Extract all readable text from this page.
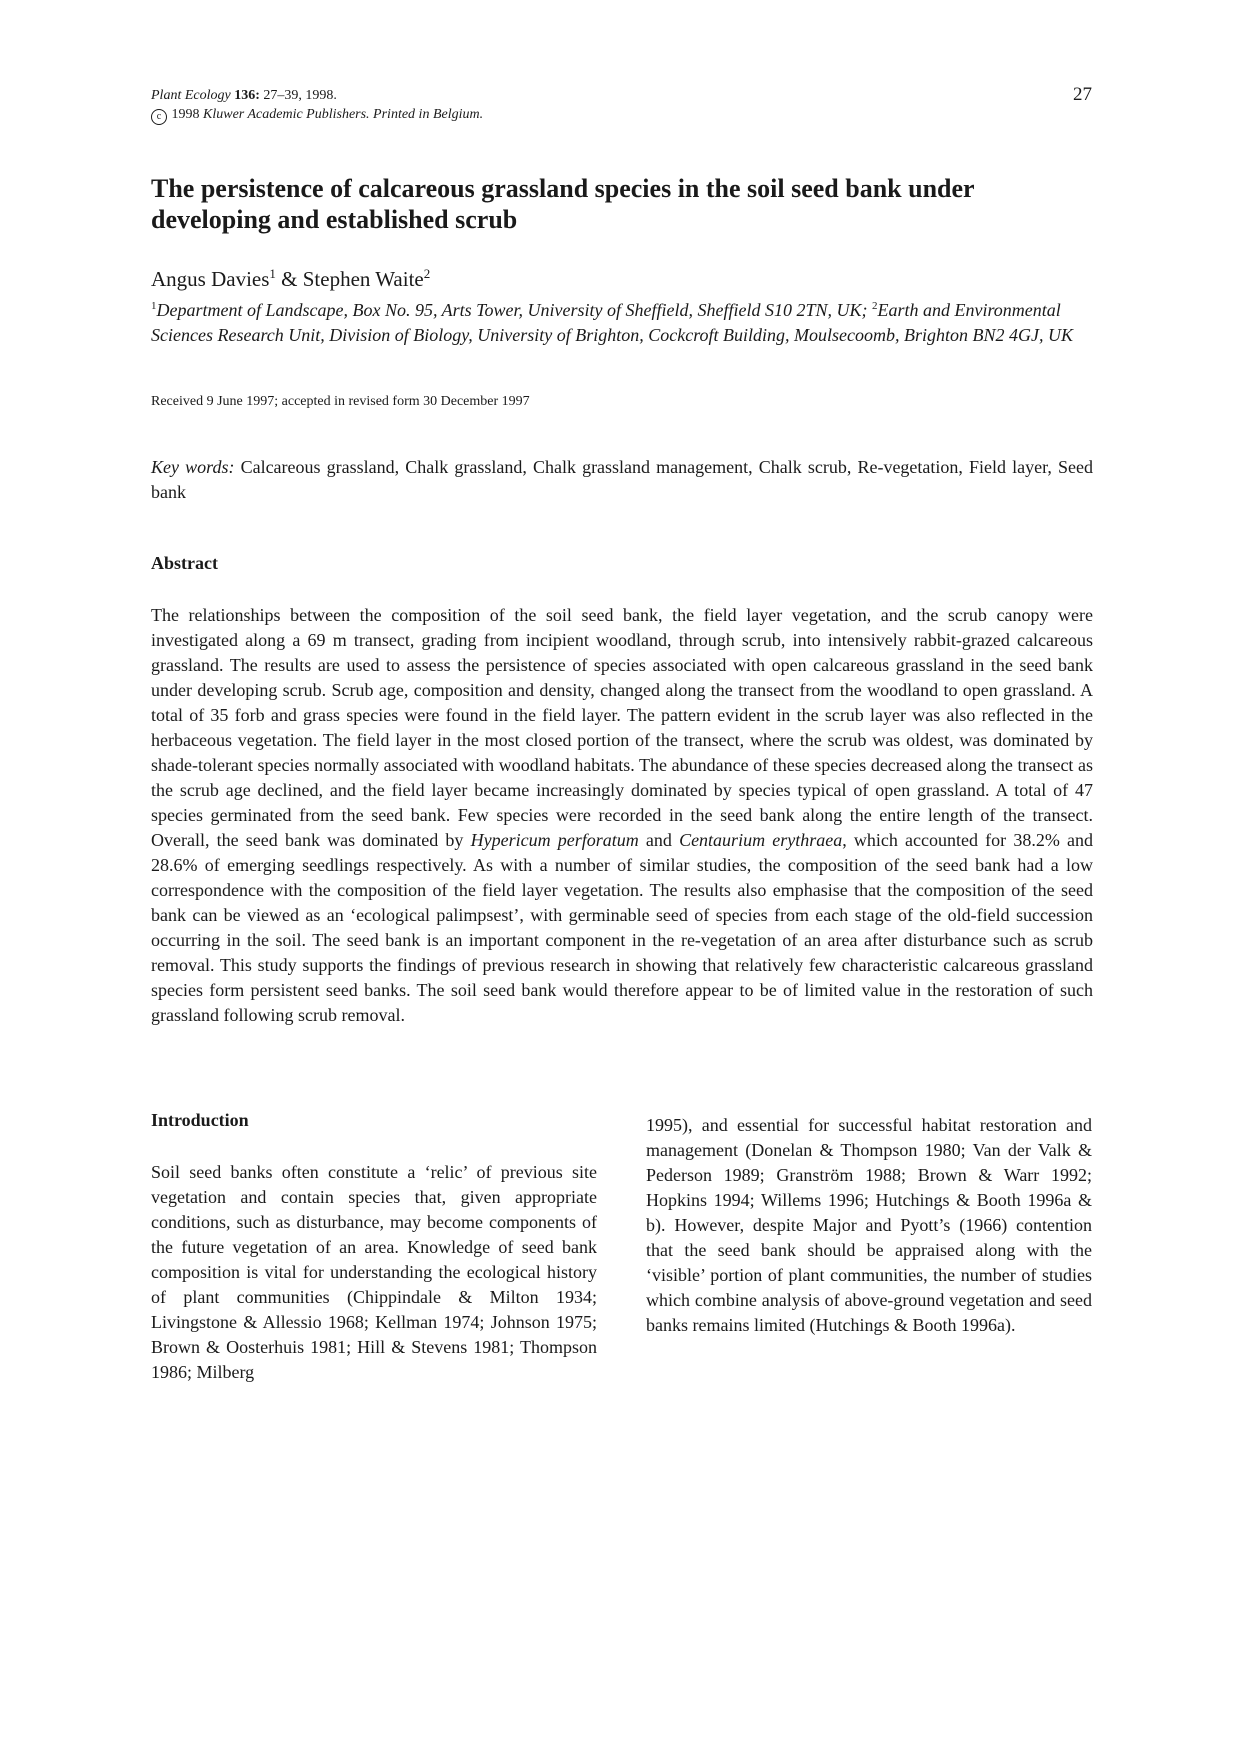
Plant Ecology 136: 27–39, 1998.
c 1998 Kluwer Academic Publishers. Printed in Belgium.
27
The persistence of calcareous grassland species in the soil seed bank under developing and established scrub
Angus Davies$^1$ & Stephen Waite$^2$
$^1$Department of Landscape, Box No. 95, Arts Tower, University of Sheffield, Sheffield S10 2TN, UK; $^2$Earth and Environmental Sciences Research Unit, Division of Biology, University of Brighton, Cockcroft Building, Moulsecoomb, Brighton BN2 4GJ, UK
Received 9 June 1997; accepted in revised form 30 December 1997
Key words: Calcareous grassland, Chalk grassland, Chalk grassland management, Chalk scrub, Re-vegetation, Field layer, Seed bank
Abstract

The relationships between the composition of the soil seed bank, the field layer vegetation, and the scrub canopy were investigated along a 69 m transect, grading from incipient woodland, through scrub, into intensively rabbit-grazed calcareous grassland. The results are used to assess the persistence of species associated with open calcareous grassland in the seed bank under developing scrub. Scrub age, composition and density, changed along the transect from the woodland to open grassland. A total of 35 forb and grass species were found in the field layer. The pattern evident in the scrub layer was also reflected in the herbaceous vegetation. The field layer in the most closed portion of the transect, where the scrub was oldest, was dominated by shade-tolerant species normally associated with woodland habitats. The abundance of these species decreased along the transect as the scrub age declined, and the field layer became increasingly dominated by species typical of open grassland. A total of 47 species germinated from the seed bank. Few species were recorded in the seed bank along the entire length of the transect. Overall, the seed bank was dominated by Hypericum perforatum and Centaurium erythraea, which accounted for 38.2% and 28.6% of emerging seedlings respectively. As with a number of similar studies, the composition of the seed bank had a low correspondence with the composition of the field layer vegetation. The results also emphasise that the composition of the seed bank can be viewed as an ‘ecological palimpsest’, with germinable seed of species from each stage of the old-field succession occurring in the soil. The seed bank is an important component in the re-vegetation of an area after disturbance such as scrub removal. This study supports the findings of previous research in showing that relatively few characteristic calcareous grassland species form persistent seed banks. The soil seed bank would therefore appear to be of limited value in the restoration of such grassland following scrub removal.

Introduction

Soil seed banks often constitute a ‘relic’ of previous site vegetation and contain species that, given appropriate conditions, such as disturbance, may become components of the future vegetation of an area. Knowledge of seed bank composition is vital for understanding the ecological history of plant communities (Chippindale & Milton 1934; Livingstone & Allessio 1968; Kellman 1974; Johnson 1975; Brown & Oosterhuis 1981; Hill & Stevens 1981; Thompson 1986; Milberg

1995), and essential for successful habitat restoration and management (Donelan & Thompson 1980; Van der Valk & Pederson 1989; Granström 1988; Brown & Warr 1992; Hopkins 1994; Willems 1996; Hutchings & Booth 1996a & b). However, despite Major and Pyott’s (1966) contention that the seed bank should be appraised along with the ‘visible’ portion of plant communities, the number of studies which combine analysis of above-ground vegetation and seed banks remains limited (Hutchings & Booth 1996a).
